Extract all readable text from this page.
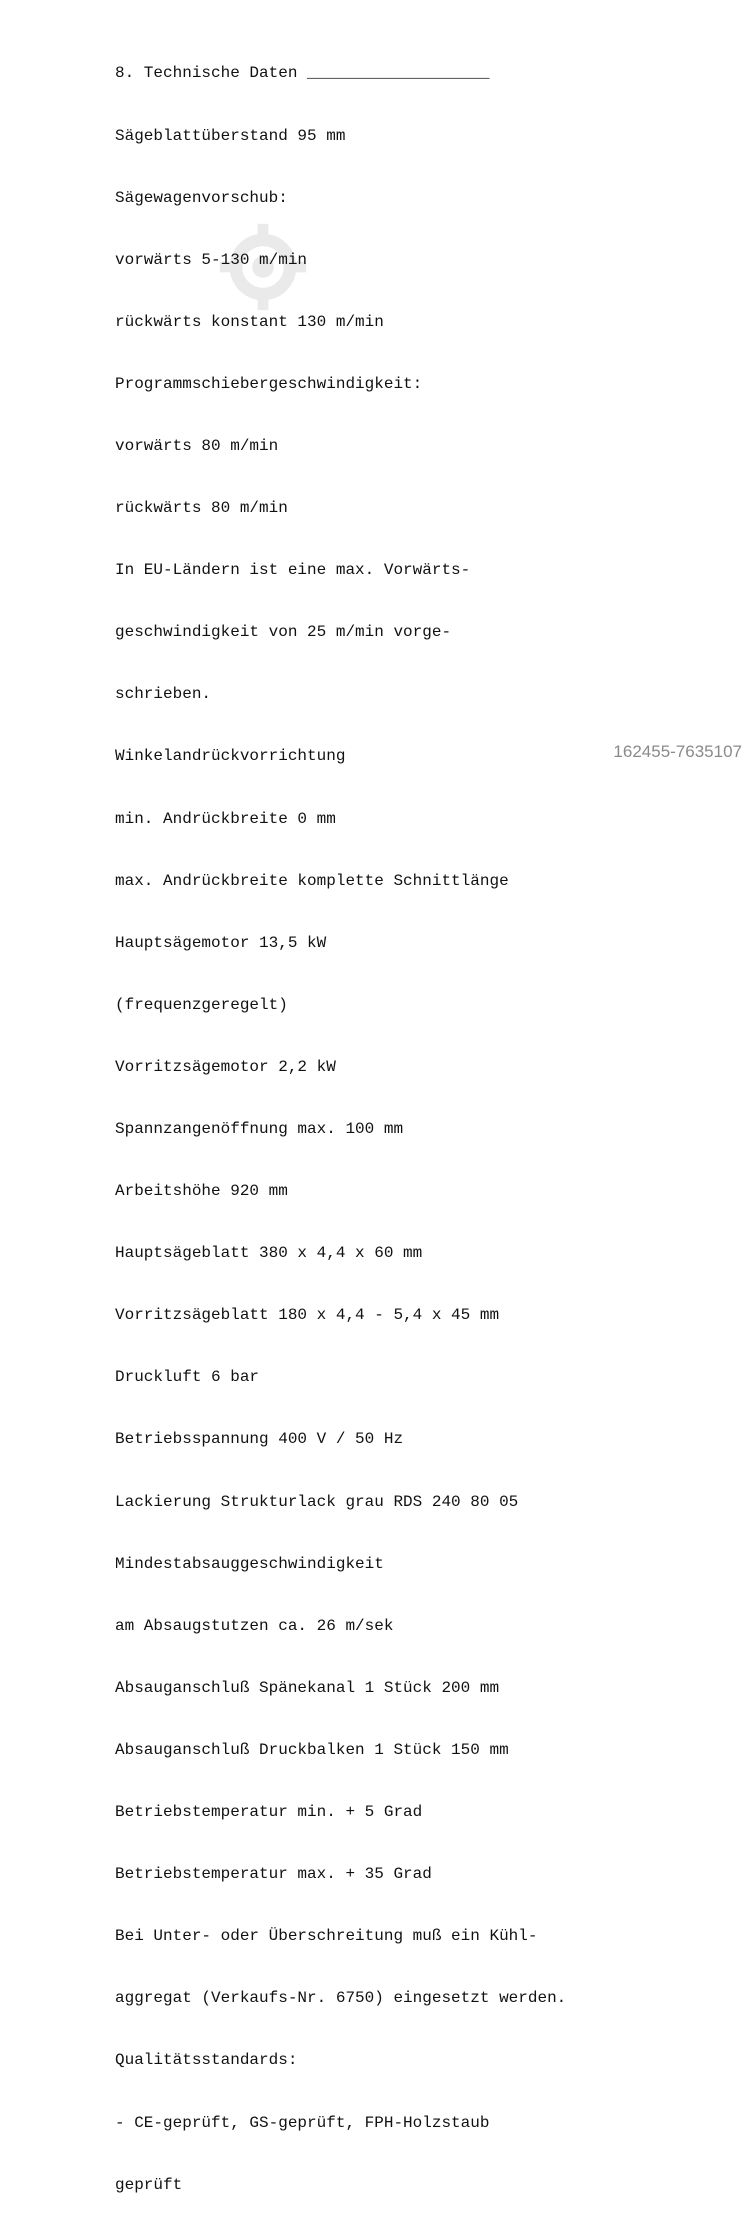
8. Technische Daten ___________________

Sägeblattüberstand 95 mm

Sägewagenvorschub:

vorwärts 5-130 m/min

rückwärts konstant 130 m/min

Programmschiebergeschwindigkeit:

vorwärts 80 m/min

rückwärts 80 m/min

In EU-Ländern ist eine max. Vorwärts-

geschwindigkeit von 25 m/min vorge-

schrieben.

Winkelandrückvorrichtung

min. Andrückbreite 0 mm

max. Andrückbreite komplette Schnittlänge

Hauptsägemotor 13,5 kW

(frequenzgeregelt)

Vorritzsägemotor 2,2 kW

Spannzangenöffnung max. 100 mm

Arbeitshöhe 920 mm

Hauptsägeblatt 380 x 4,4 x 60 mm

Vorritzsägeblatt 180 x 4,4 - 5,4 x 45 mm

Druckluft 6 bar

Betriebsspannung 400 V / 50 Hz

Lackierung Strukturlack grau RDS 240 80 05

Mindestabsauggeschwindigkeit

am Absaugstutzen ca. 26 m/sek

Absauganschluß Spänekanal 1 Stück 200 mm

Absauganschluß Druckbalken 1 Stück 150 mm

Betriebstemperatur min. + 5 Grad

Betriebstemperatur max. + 35 Grad

Bei Unter- oder Überschreitung muß ein Kühl-

aggregat (Verkaufs-Nr. 6750) eingesetzt werden.

Qualitätsstandards:

- CE-geprüft, GS-geprüft, FPH-Holzstaub

geprüft

162455-7635107
